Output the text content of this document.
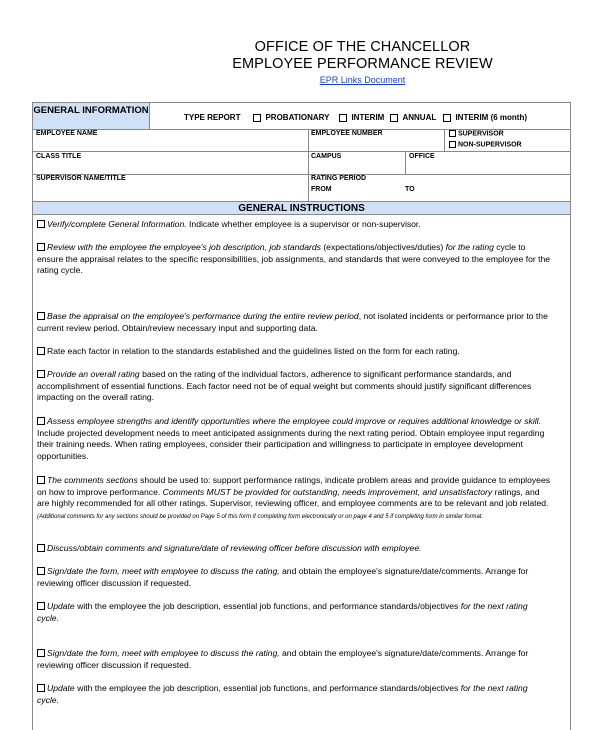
OFFICE OF THE CHANCELLOR
EMPLOYEE PERFORMANCE REVIEW
EPR Links Document
GENERAL INFORMATION
TYPE REPORT	PROBATIONARY	INTERIM	ANNUAL	INTERIM (6 month)
EMPLOYEE NAME	EMPLOYEE NUMBER	SUPERVISOR
NON-SUPERVISOR
CLASS TITLE	CAMPUS	OFFICE
SUPERVISOR NAME/TITLE	RATING PERIOD
FROM	TO
GENERAL INSTRUCTIONS
Verify/complete General Information. Indicate whether employee is a supervisor or non-supervisor.
Review with the employee the employee's job description, job standards (expectations/objectives/duties) for the rating cycle to ensure the appraisal relates to the specific responsibilities, job assignments, and standards that were conveyed to the employee for the rating cycle.
Base the appraisal on the employee's performance during the entire review period, not isolated incidents or performance prior to the current review period. Obtain/review necessary input and supporting data.
Rate each factor in relation to the standards established and the guidelines listed on the form for each rating.
Provide an overall rating based on the rating of the individual factors, adherence to significant performance standards, and accomplishment of essential functions. Each factor need not be of equal weight but comments should justify significant differences impacting on the overall rating.
Assess employee strengths and identify opportunities where the employee could improve or requires additional knowledge or skill. Include projected development needs to meet anticipated assignments during the next rating period. Obtain employee input regarding their training needs. When rating employees, consider their participation and willingness to participate in employee development opportunities.
The comments sections should be used to: support performance ratings, indicate problem areas and provide guidance to employees on how to improve performance. Comments MUST be provided for outstanding, needs improvement, and unsatisfactory ratings, and are highly recommended for all other ratings. Supervisor, reviewing officer, and employee comments are to be relevant and job related. (Additional comments for any sections should be provided on Page 5 of this form if completing form electronically or on page 4 and 5 if completing form in similar format.
Discuss/obtain comments and signature/date of reviewing officer before discussion with employee.
Sign/date the form, meet with employee to discuss the rating, and obtain the employee's signature/date/comments. Arrange for reviewing officer discussion if requested.
Update with the employee the job description, essential job functions, and performance standards/objectives for the next rating cycle.
Sign/date the form, meet with employee to discuss the rating, and obtain the employee's signature/date/comments. Arrange for reviewing officer discussion if requested.
Update with the employee the job description, essential job functions, and performance standards/objectives for the next rating cycle.
